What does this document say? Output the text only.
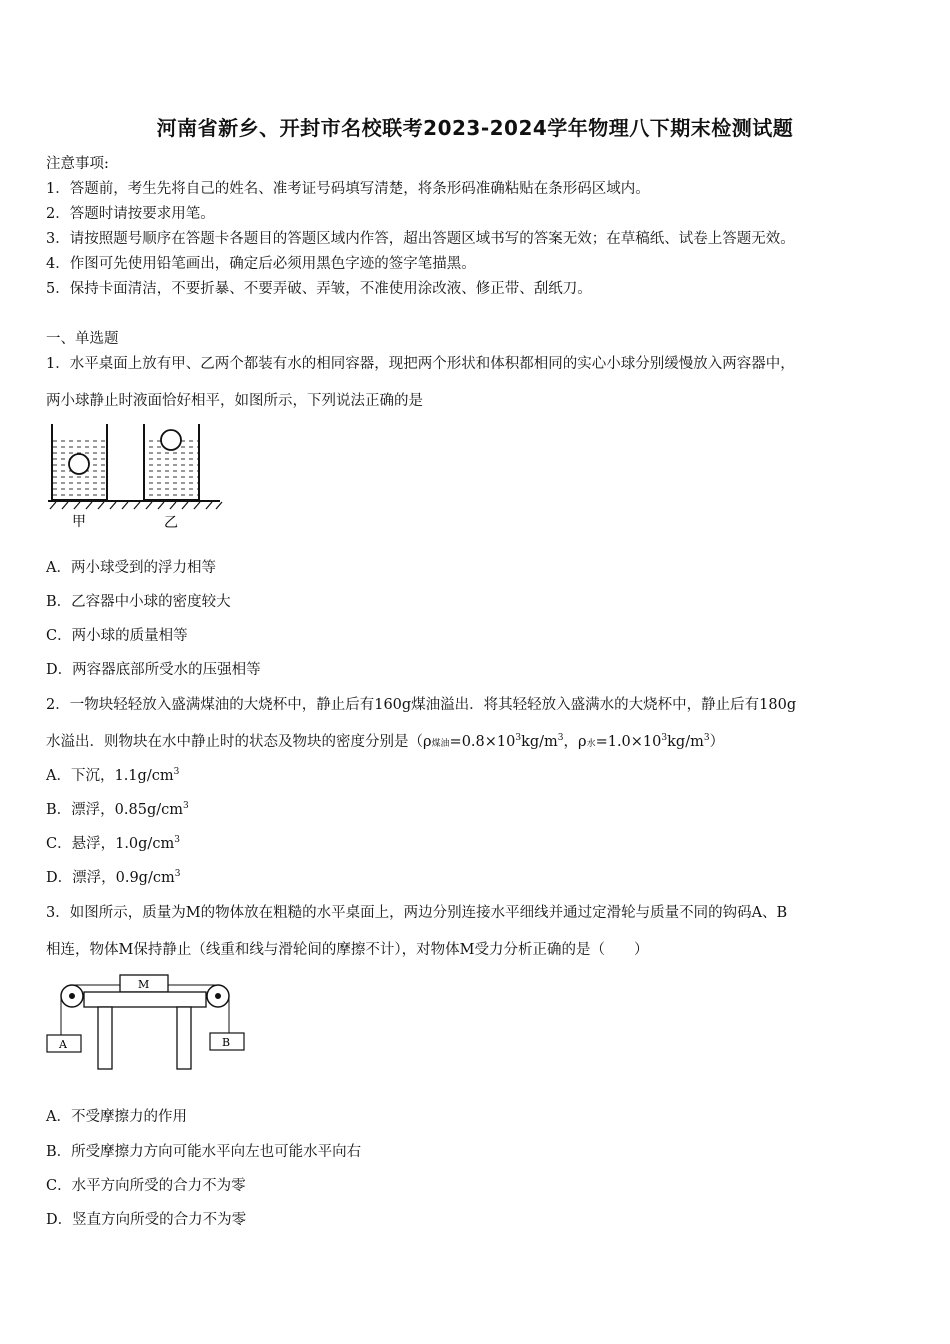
河南省新乡、开封市名校联考2023-2024学年物理八下期末检测试题
注意事项:
1．答题前，考生先将自己的姓名、准考证号码填写清楚，将条形码准确粘贴在条形码区域内。
2．答题时请按要求用笔。
3．请按照题号顺序在答题卡各题目的答题区域内作答，超出答题区域书写的答案无效；在草稿纸、试卷上答题无效。
4．作图可先使用铅笔画出，确定后必须用黑色字迹的签字笔描黑。
5．保持卡面清洁，不要折暴、不要弄破、弄皱，不准使用涂改液、修正带、刮纸刀。
一、单选题
1．水平桌面上放有甲、乙两个都装有水的相同容器，现把两个形状和体积都相同的实心小球分别缓慢放入两容器中，
两小球静止时液面恰好相平，如图所示，下列说法正确的是
甲	乙
A．两小球受到的浮力相等
B．乙容器中小球的密度较大
C．两小球的质量相等
D．两容器底部所受水的压强相等
2．一物块轻轻放入盛满煤油的大烧杯中，静止后有160g煤油溢出．将其轻轻放入盛满水的大烧杯中，静止后有180g
水溢出．则物块在水中静止时的状态及物块的密度分别是（ρ煤油$=0.8\times 10^3kg/m^3$，ρ水$=1.0\times 10^3kg/m^3$）
A．下沉，$1.1g/cm^3$
B．漂浮，$0.85g/cm^3$
C．悬浮，$1.0g/cm^3$
D．漂浮，$0.9g/cm^3$
3．如图所示，质量为M的物体放在粗糙的水平桌面上，两边分别连接水平细线并通过定滑轮与质量不同的钩码A、B
相连，物体M保持静止（线重和线与滑轮间的摩擦不计），对物体M受力分析正确的是（　　）
M
A	B
A．不受摩擦力的作用
B．所受摩擦力方向可能水平向左也可能水平向右
C．水平方向所受的合力不为零
D．竖直方向所受的合力不为零
